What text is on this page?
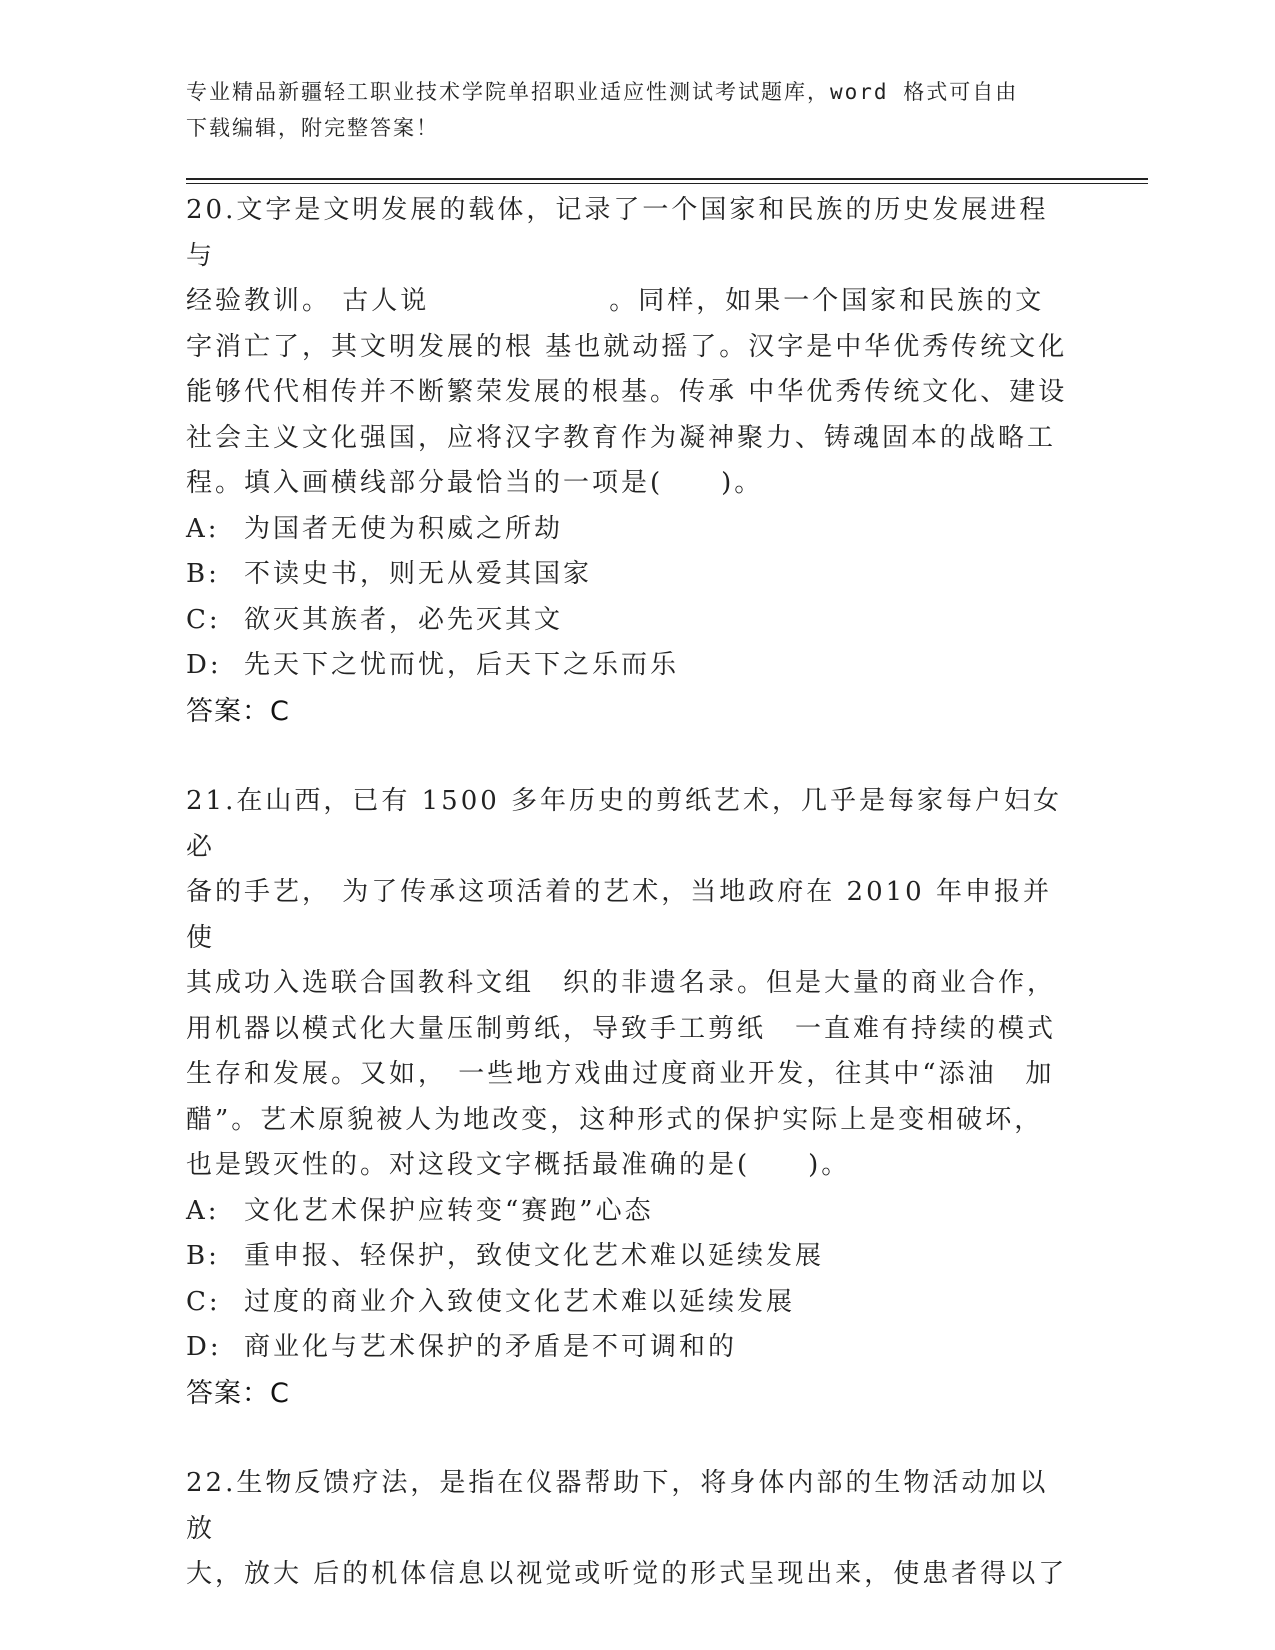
专业精品新疆轻工职业技术学院单招职业适应性测试考试题库，word 格式可自由
下载编辑，附完整答案！

20.文字是文明发展的载体，记录了一个国家和民族的历史发展进程与

经验教训。 古人说	。同样，如果一个国家和民族的文

字消亡了，其文明发展的根 基也就动摇了。汉字是中华优秀传统文化

能够代代相传并不断繁荣发展的根基。传承 中华优秀传统文化、建设

社会主义文化强国，应将汉字教育作为凝神聚力、铸魂固本的战略工

程。填入画横线部分最恰当的一项是(　　)。

A: 为国者无使为积威之所劫

B: 不读史书，则无从爱其国家

C: 欲灭其族者，必先灭其文

D: 先天下之忧而忧，后天下之乐而乐

答案：C

21.在山西，已有 1500 多年历史的剪纸艺术，几乎是每家每户妇女必

备的手艺， 为了传承这项活着的艺术，当地政府在 2010 年申报并使

其成功入选联合国教科文组　织的非遗名录。但是大量的商业合作，

用机器以模式化大量压制剪纸，导致手工剪纸　一直难有持续的模式

生存和发展。又如， 一些地方戏曲过度商业开发，往其中“添油　加

醋”。艺术原貌被人为地改变，这种形式的保护实际上是变相破坏，

也是毁灭性的。对这段文字概括最准确的是(　　)。

A: 文化艺术保护应转变“赛跑”心态

B: 重申报、轻保护，致使文化艺术难以延续发展

C: 过度的商业介入致使文化艺术难以延续发展

D: 商业化与艺术保护的矛盾是不可调和的

答案：C

22.生物反馈疗法，是指在仪器帮助下，将身体内部的生物活动加以放

大，放大 后的机体信息以视觉或听觉的形式呈现出来，使患者得以了
